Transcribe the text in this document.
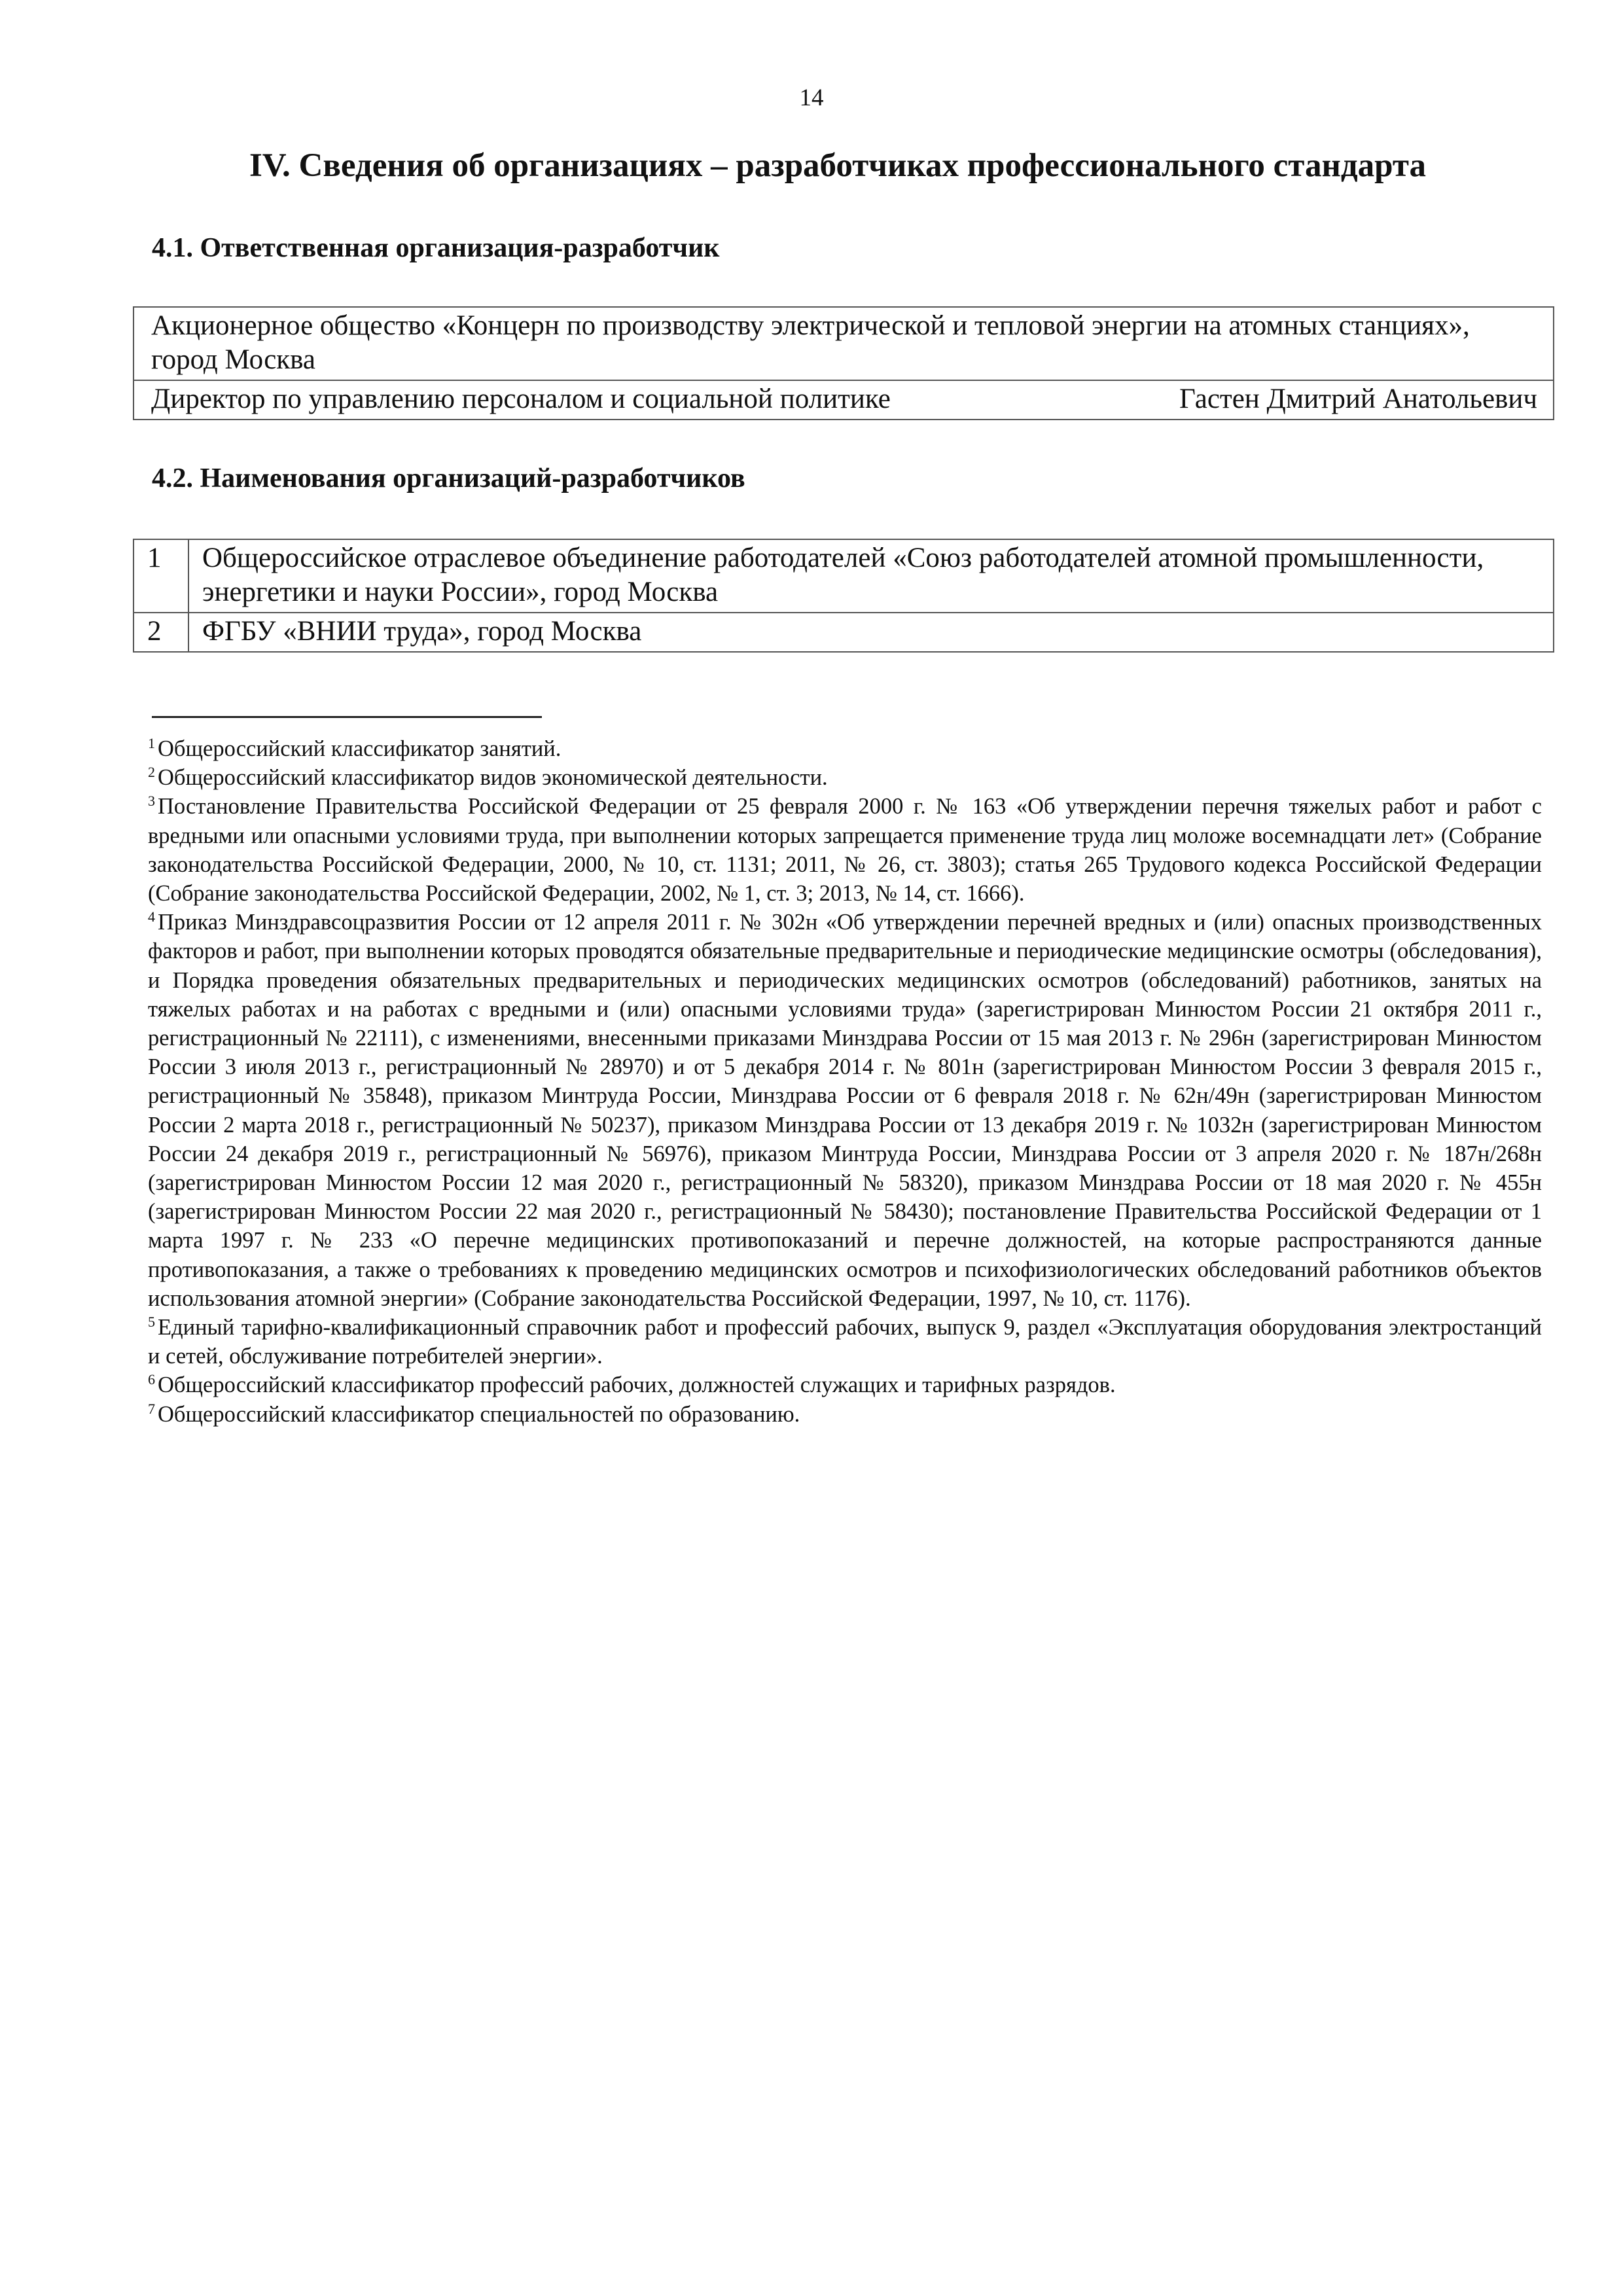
14
IV. Сведения об организациях – разработчиках профессионального стандарта
4.1. Ответственная организация-разработчик
Акционерное общество «Концерн по производству электрической и тепловой энергии на атомных станциях», город Москва

Директор по управлению персоналом и социальной политике	Гастен Дмитрий Анатольевич
4.2. Наименования организаций-разработчиков
1	Общероссийское отраслевое объединение работодателей «Союз работодателей атомной промышленности, энергетики и науки России», город Москва
2	ФГБУ «ВНИИ труда», город Москва

$^1$ Общероссийский классификатор занятий.

$^2$ Общероссийский классификатор видов экономической деятельности.

$^3$ Постановление Правительства Российской Федерации от 25 февраля 2000 г. № 163 «Об утверждении перечня тяжелых работ и работ с вредными или опасными условиями труда, при выполнении которых запрещается применение труда лиц моложе восемнадцати лет» (Собрание законодательства Российской Федерации, 2000, № 10, ст. 1131; 2011, № 26, ст. 3803); статья 265 Трудового кодекса Российской Федерации (Собрание законодательства Российской Федерации, 2002, № 1, ст. 3; 2013, № 14, ст. 1666).

$^4$ Приказ Минздравсоцразвития России от 12 апреля 2011 г. № 302н «Об утверждении перечней вредных и (или) опасных производственных факторов и работ, при выполнении которых проводятся обязательные предварительные и периодические медицинские осмотры (обследования), и Порядка проведения обязательных предварительных и периодических медицинских осмотров (обследований) работников, занятых на тяжелых работах и на работах с вредными и (или) опасными условиями труда» (зарегистрирован Минюстом России 21 октября 2011 г., регистрационный № 22111), с изменениями, внесенными приказами Минздрава России от 15 мая 2013 г. № 296н (зарегистрирован Минюстом России 3 июля 2013 г., регистрационный № 28970) и от 5 декабря 2014 г. № 801н (зарегистрирован Минюстом России 3 февраля 2015 г., регистрационный № 35848), приказом Минтруда России, Минздрава России от 6 февраля 2018 г. № 62н/49н (зарегистрирован Минюстом России 2 марта 2018 г., регистрационный № 50237), приказом Минздрава России от 13 декабря 2019 г. № 1032н (зарегистрирован Минюстом России 24 декабря 2019 г., регистрационный № 56976), приказом Минтруда России, Минздрава России от 3 апреля 2020 г. № 187н/268н (зарегистрирован Минюстом России 12 мая 2020 г., регистрационный № 58320), приказом Минздрава России от 18 мая 2020 г. № 455н (зарегистрирован Минюстом России 22 мая 2020 г., регистрационный № 58430); постановление Правительства Российской Федерации от 1 марта 1997 г. № 233 «О перечне медицинских противопоказаний и перечне должностей, на которые распространяются данные противопоказания, а также о требованиях к проведению медицинских осмотров и психофизиологических обследований работников объектов использования атомной энергии» (Собрание законодательства Российской Федерации, 1997, № 10, ст. 1176).

$^5$ Единый тарифно-квалификационный справочник работ и профессий рабочих, выпуск 9, раздел «Эксплуатация оборудования электростанций и сетей, обслуживание потребителей энергии».

$^6$ Общероссийский классификатор профессий рабочих, должностей служащих и тарифных разрядов.

$^7$ Общероссийский классификатор специальностей по образованию.
